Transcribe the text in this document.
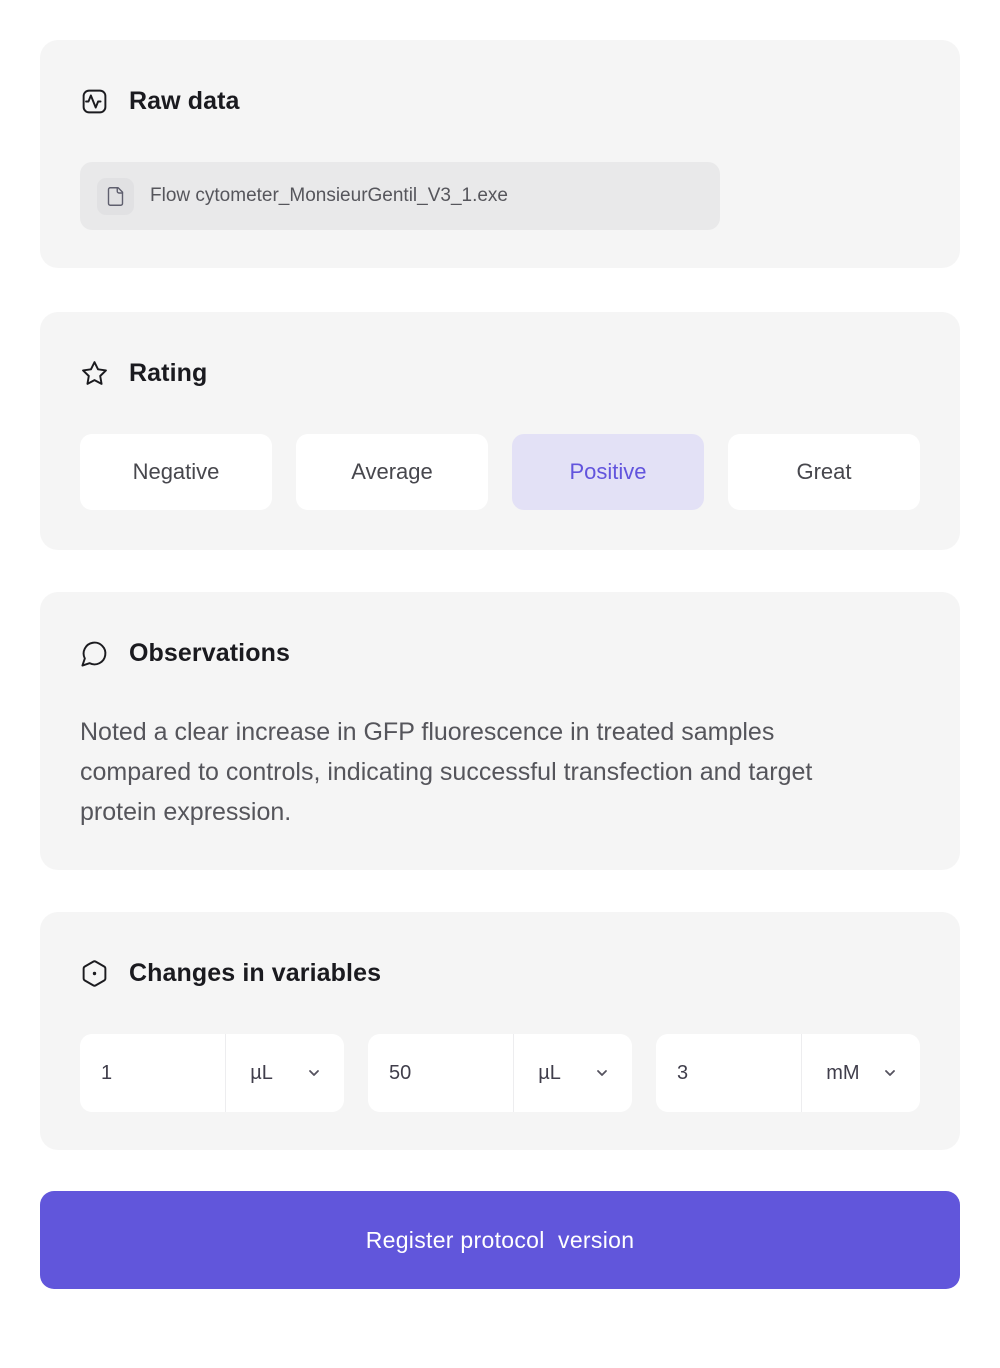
Raw data
Flow cytometer_MonsieurGentil_V3_1.exe
Rating
Negative	Average	Positive	Great
Observations

Noted a clear increase in GFP fluorescence in treated samples compared to controls, indicating successful transfection and target protein expression.

Changes in variables
1
µL
50	µL
3	mM
Register protocol  version
